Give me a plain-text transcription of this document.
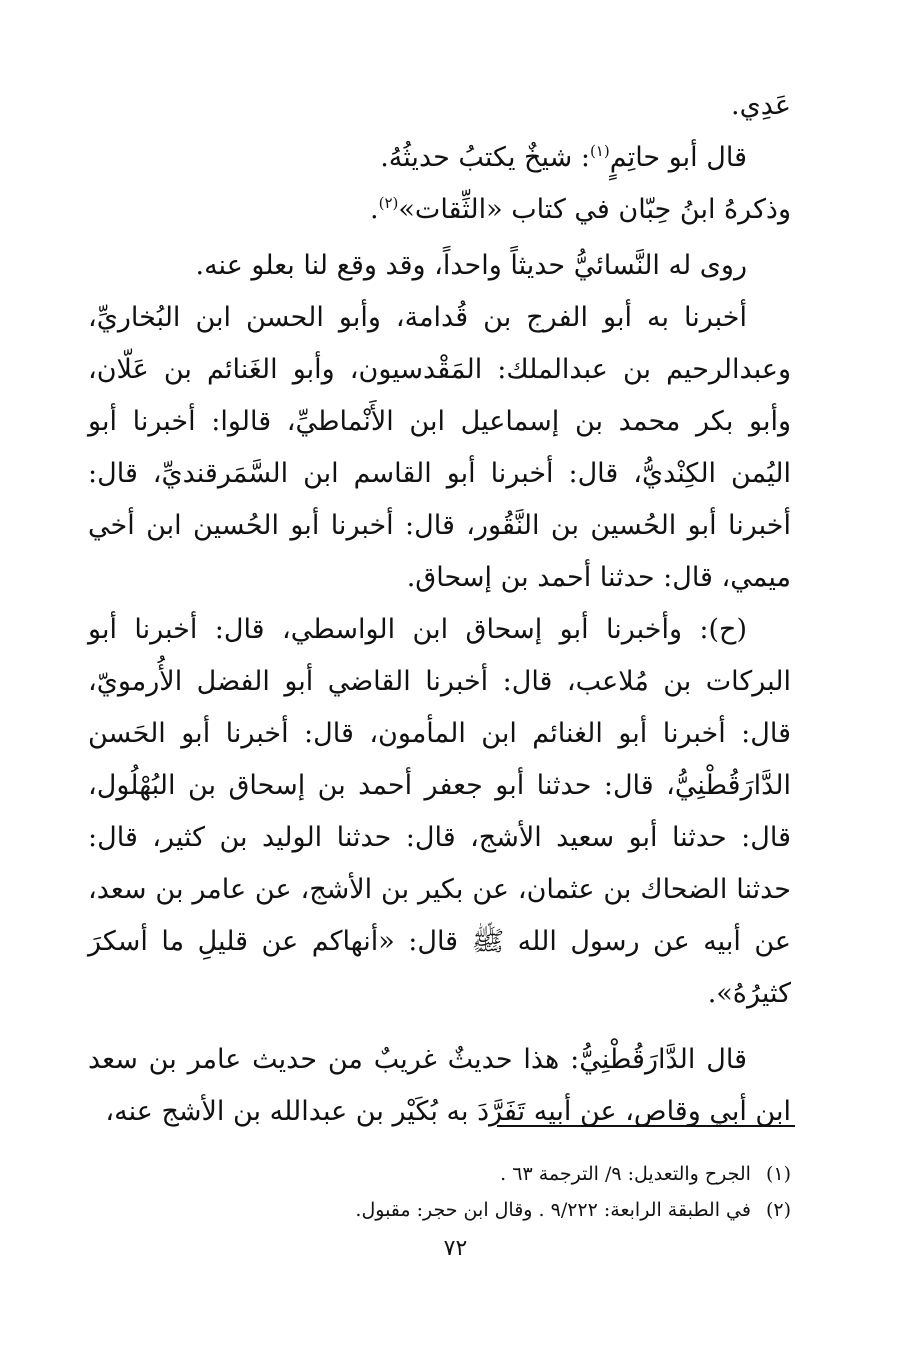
عَدِي.

قال أبو حاتِمٍ$^{(١)}$: شيخٌ يكتبُ حديثُهُ.

وذكرهُ ابنُ حِبّان في كتاب «الثِّقات»$^{(٢)}$.

روى له النَّسائيُّ حديثاً واحداً، وقد وقع لنا بعلو عنه.

أخبرنا به أبو الفرج بن قُدامة، وأبو الحسن ابن البُخاريِّ، وعبدالرحيم بن عبدالملك: المَقْدسيون، وأبو الغَنائم بن عَلّان، وأبو بكر محمد بن إسماعيل ابن الأَنْماطيِّ، قالوا: أخبرنا أبو اليُمن الكِنْديُّ، قال: أخبرنا أبو القاسم ابن السَّمَرقنديِّ، قال: أخبرنا أبو الحُسين بن النَّقُور، قال: أخبرنا أبو الحُسين ابن أخي ميمي، قال: حدثنا أحمد بن إسحاق.

(ح): وأخبرنا أبو إسحاق ابن الواسطي، قال: أخبرنا أبو البركات بن مُلاعب، قال: أخبرنا القاضي أبو الفضل الأُرمويّ، قال: أخبرنا أبو الغنائم ابن المأمون، قال: أخبرنا أبو الحَسن الدَّارَقُطْنِيُّ، قال: حدثنا أبو جعفر أحمد بن إسحاق بن البُهْلُول، قال: حدثنا أبو سعيد الأشج، قال: حدثنا الوليد بن كثير، قال: حدثنا الضحاك بن عثمان، عن بكير بن الأشج، عن عامر بن سعد، عن أبيه عن رسول الله ﷺ قال: «أنهاكم عن قليلِ ما أسكرَ كثيرُهُ».

قال الدَّارَقُطْنِيُّ: هذا حديثٌ غريبٌ من حديث عامر بن سعد ابن أبي وقاص، عن أبيه تَفَرَّدَ به بُكَيْر بن عبدالله بن الأشج عنه،

(١) الجرح والتعديل: ٩/ الترجمة ٦٣ .

(٢) في الطبقة الرابعة: ٩/٢٢٢ . وقال ابن حجر: مقبول.

٧٢
